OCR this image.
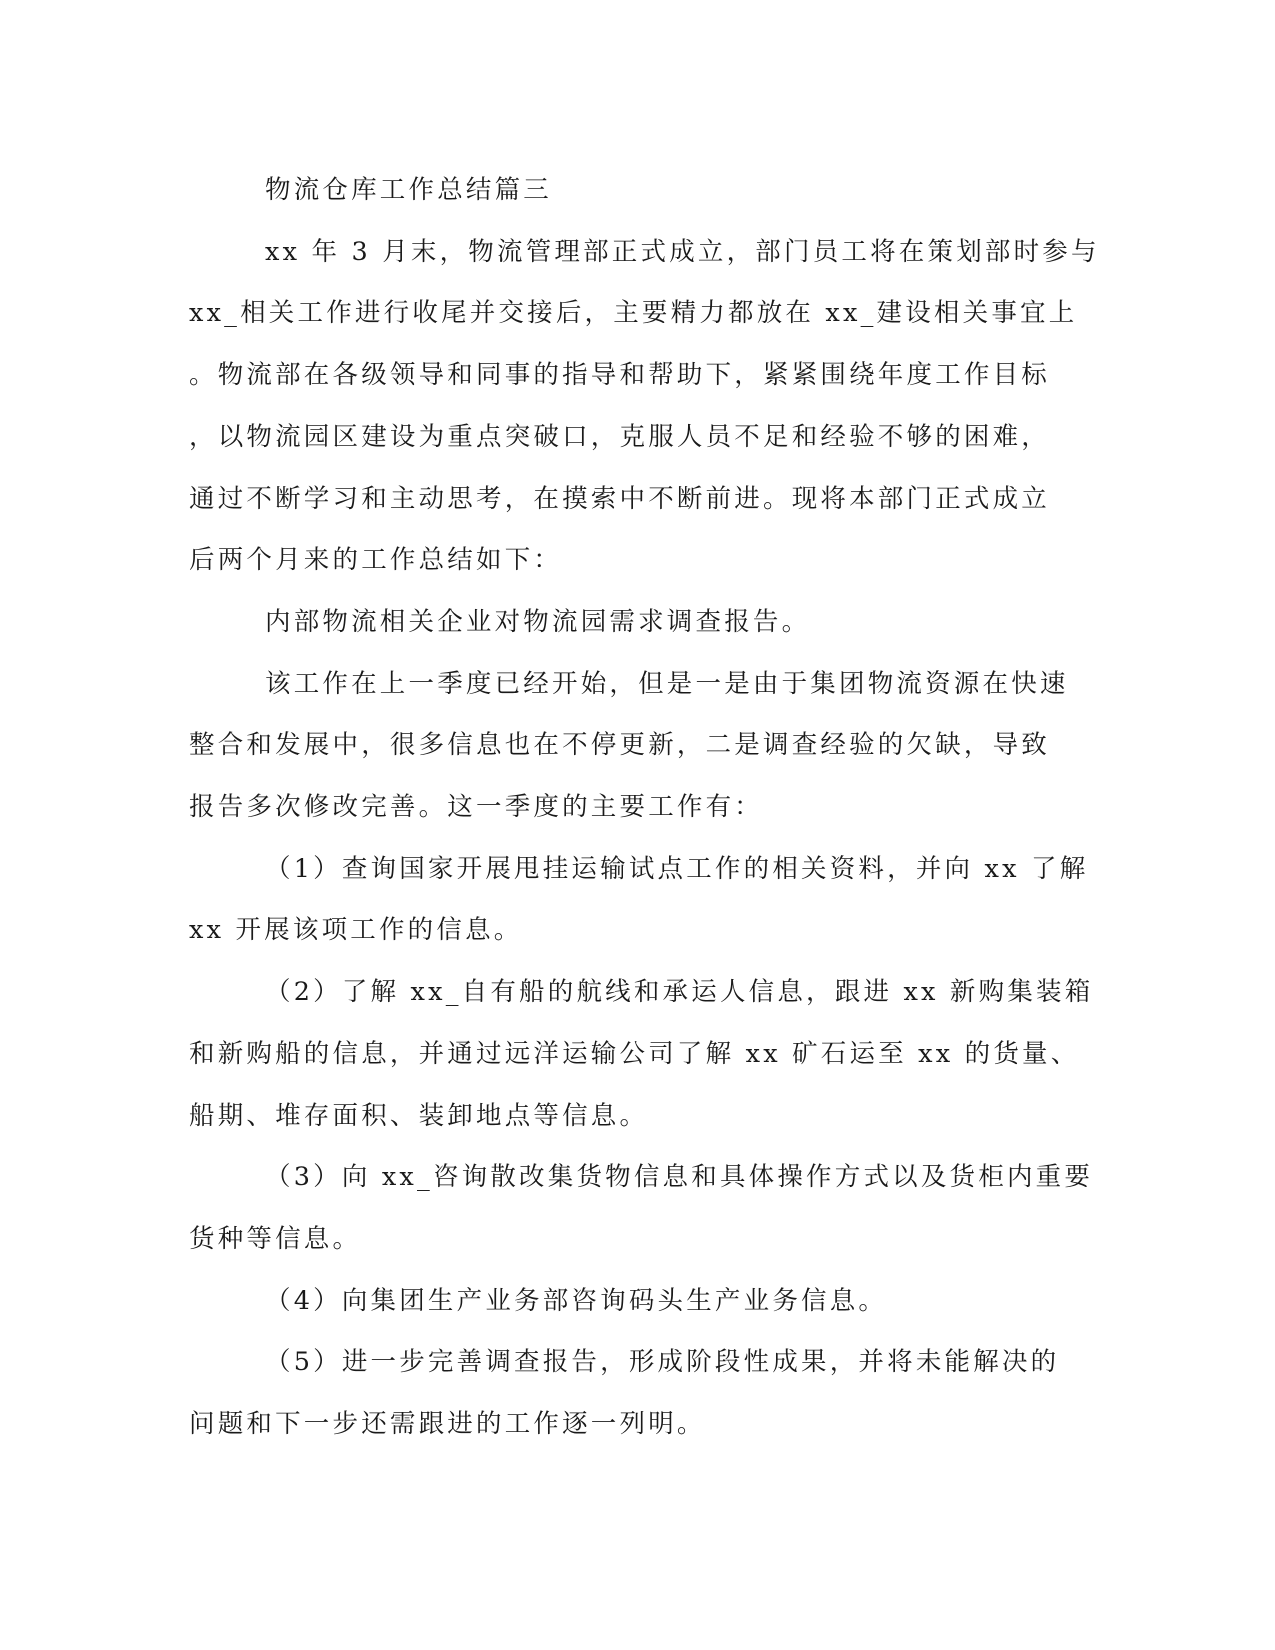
物流仓库工作总结篇三

xx 年 3 月末，物流管理部正式成立，部门员工将在策划部时参与

xx_相关工作进行收尾并交接后，主要精力都放在 xx_建设相关事宜上

。物流部在各级领导和同事的指导和帮助下，紧紧围绕年度工作目标

，以物流园区建设为重点突破口，克服人员不足和经验不够的困难，

通过不断学习和主动思考，在摸索中不断前进。现将本部门正式成立

后两个月来的工作总结如下：

内部物流相关企业对物流园需求调查报告。

该工作在上一季度已经开始，但是一是由于集团物流资源在快速

整合和发展中，很多信息也在不停更新，二是调查经验的欠缺，导致

报告多次修改完善。这一季度的主要工作有：

（1）查询国家开展甩挂运输试点工作的相关资料，并向 xx 了解

xx 开展该项工作的信息。

（2）了解 xx_自有船的航线和承运人信息，跟进 xx 新购集装箱

和新购船的信息，并通过远洋运输公司了解 xx 矿石运至 xx 的货量、

船期、堆存面积、装卸地点等信息。

（3）向 xx_咨询散改集货物信息和具体操作方式以及货柜内重要

货种等信息。

（4）向集团生产业务部咨询码头生产业务信息。

（5）进一步完善调查报告，形成阶段性成果，并将未能解决的

问题和下一步还需跟进的工作逐一列明。
